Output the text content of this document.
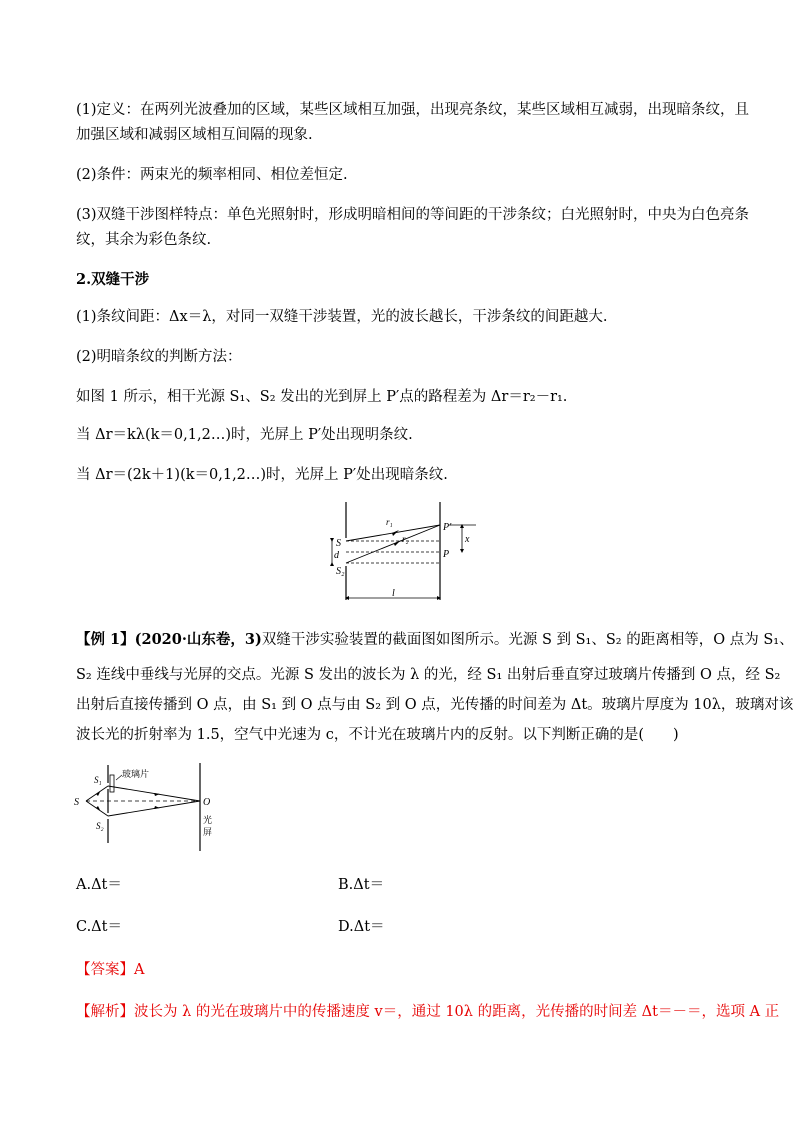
(1)定义：在两列光波叠加的区域，某些区域相互加强，出现亮条纹，某些区域相互减弱，出现暗条纹，且
加强区域和减弱区域相互间隔的现象.
(2)条件：两束光的频率相同、相位差恒定.
(3)双缝干涉图样特点：单色光照射时，形成明暗相间的等间距的干涉条纹；白光照射时，中央为白色亮条
纹，其余为彩色条纹.
2.双缝干涉
(1)条纹间距：Δx＝λ，对同一双缝干涉装置，光的波长越长，干涉条纹的间距越大.
(2)明暗条纹的判断方法：
如图 1 所示，相干光源 S₁、S₂ 发出的光到屏上 P′点的路程差为 Δr＝r₂－r₁.
当 Δr＝kλ(k＝0,1,2…)时，光屏上 P′处出现明条纹.
当 Δr＝(2k＋1)(k＝0,1,2…)时，光屏上 P′处出现暗条纹.
S
d
S₂
r₁
r₂
P′
P
x
l
【例 1】(2020·山东卷，3)双缝干涉实验装置的截面图如图所示。光源 S 到 S₁、S₂ 的距离相等，O 点为 S₁、
S₂ 连线中垂线与光屏的交点。光源 S 发出的波长为 λ 的光，经 S₁ 出射后垂直穿过玻璃片传播到 O 点，经 S₂
出射后直接传播到 O 点，由 S₁ 到 O 点与由 S₂ 到 O 点，光传播的时间差为 Δt。玻璃片厚度为 10λ，玻璃对该
波长光的折射率为 1.5，空气中光速为 c，不计光在玻璃片内的反射。以下判断正确的是(　　)
S
S₁
S₂
玻璃片
O
光
屏
A.Δt＝	B.Δt＝
C.Δt＝	D.Δt＝
【答案】A
【解析】波长为 λ 的光在玻璃片中的传播速度 v＝，通过 10λ 的距离，光传播的时间差 Δt＝－＝，选项 A 正
